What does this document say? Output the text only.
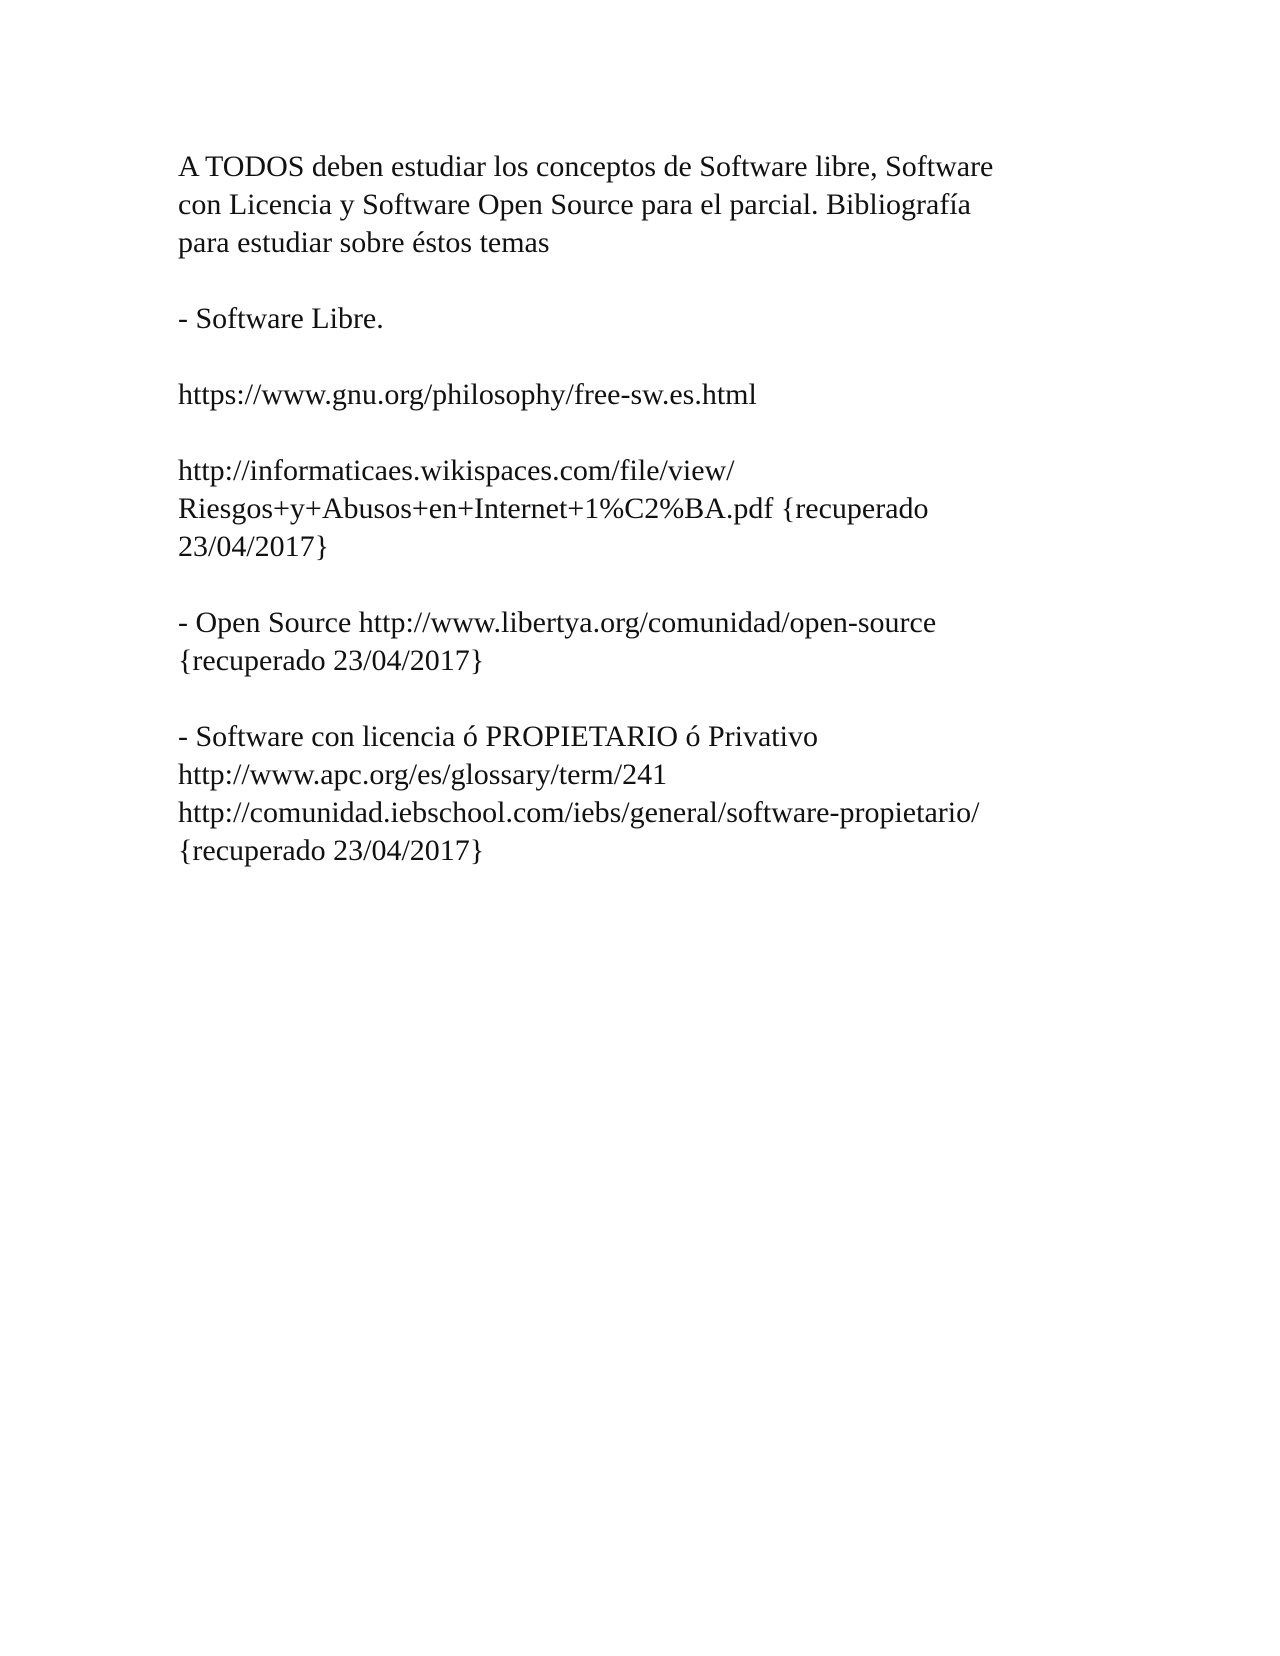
A TODOS deben estudiar los conceptos de Software libre, Software
con Licencia y Software Open Source para el parcial. Bibliografía
para estudiar sobre éstos temas

- Software Libre.

https://www.gnu.org/philosophy/free-sw.es.html

http://informaticaes.wikispaces.com/file/view/
Riesgos+y+Abusos+en+Internet+1%C2%BA.pdf {recuperado
23/04/2017}

- Open Source http://www.libertya.org/comunidad/open-source
{recuperado 23/04/2017}

- Software con licencia ó PROPIETARIO ó Privativo
http://www.apc.org/es/glossary/term/241
http://comunidad.iebschool.com/iebs/general/software-propietario/
{recuperado 23/04/2017}
